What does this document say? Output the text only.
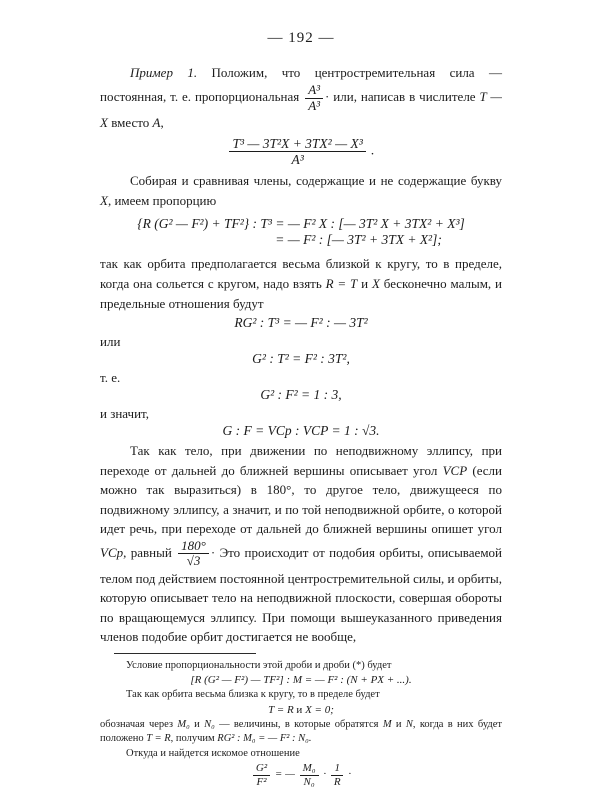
— 192 —

Пример 1. Положим, что центростремительная сила — постоянная, т. е. пропорциональная $\frac{\text{A³}}{\text{A³}}$ · или, написав в числителе T — X вместо A,

$\frac{\text{T³ — 3T²X + 3TX² — X³}}{\text{A³}}$ .

Собирая и сравнивая члены, содержащие и не содержащие букву X, имеем пропорцию

{R (G² — F²) + TF²} : T³ = — F² X : [— 3T² X + 3TX² + X³]
= — F² : [— 3T² + 3TX + X²];

так как орбита предполагается весьма близкой к кругу, то в пределе, когда она сольется с кругом, надо взять R = T и X бесконечно малым, и предельные отношения будут

RG² : T³ = — F² : — 3T²

или

G² : T² = F² : 3T²,

т. е.

G² : F² = 1 : 3,

и значит,

G : F = VCp : VCP = 1 : √3.

Так как тело, при движении по неподвижному эллипсу, при переходе от дальней до ближней вершины описывает угол VCP (если можно так выразиться) в 180°, то другое тело, движущееся по подвижному эллипсу, а значит, и по той неподвижной орбите, о которой идет речь, при переходе от дальней до ближней вершины опишет угол VCp, равный $\frac{180^\circ}{√3}$ · Это происходит от подобия орбиты, описываемой телом под действием постоянной центростремительной силы, и орбиты, которую описывает тело на неподвижной плоскости, совершая обороты по вращающемуся эллипсу. При помощи вышеуказанного приведения членов подобие орбит достигается не вообще,

Условие пропорциональности этой дроби и дроби (*) будет

[R (G² — F²) — TF²] : M = — F² : (N + PX + ...).

Так как орбита весьма близка к кругу, то в пределе будет

T = R и X = 0;

обозначая через M₀ и N₀ — величины, в которые обратятся M и N, когда в них будет положено T = R, получим RG² : M₀ = — F² : N₀.

Откуда и найдется искомое отношение

$\frac{\text{G²}}{\text{F²}}$ = — $\frac{\text{M₀}}{\text{N₀}} \cdot \frac{1}{R}$ ·
